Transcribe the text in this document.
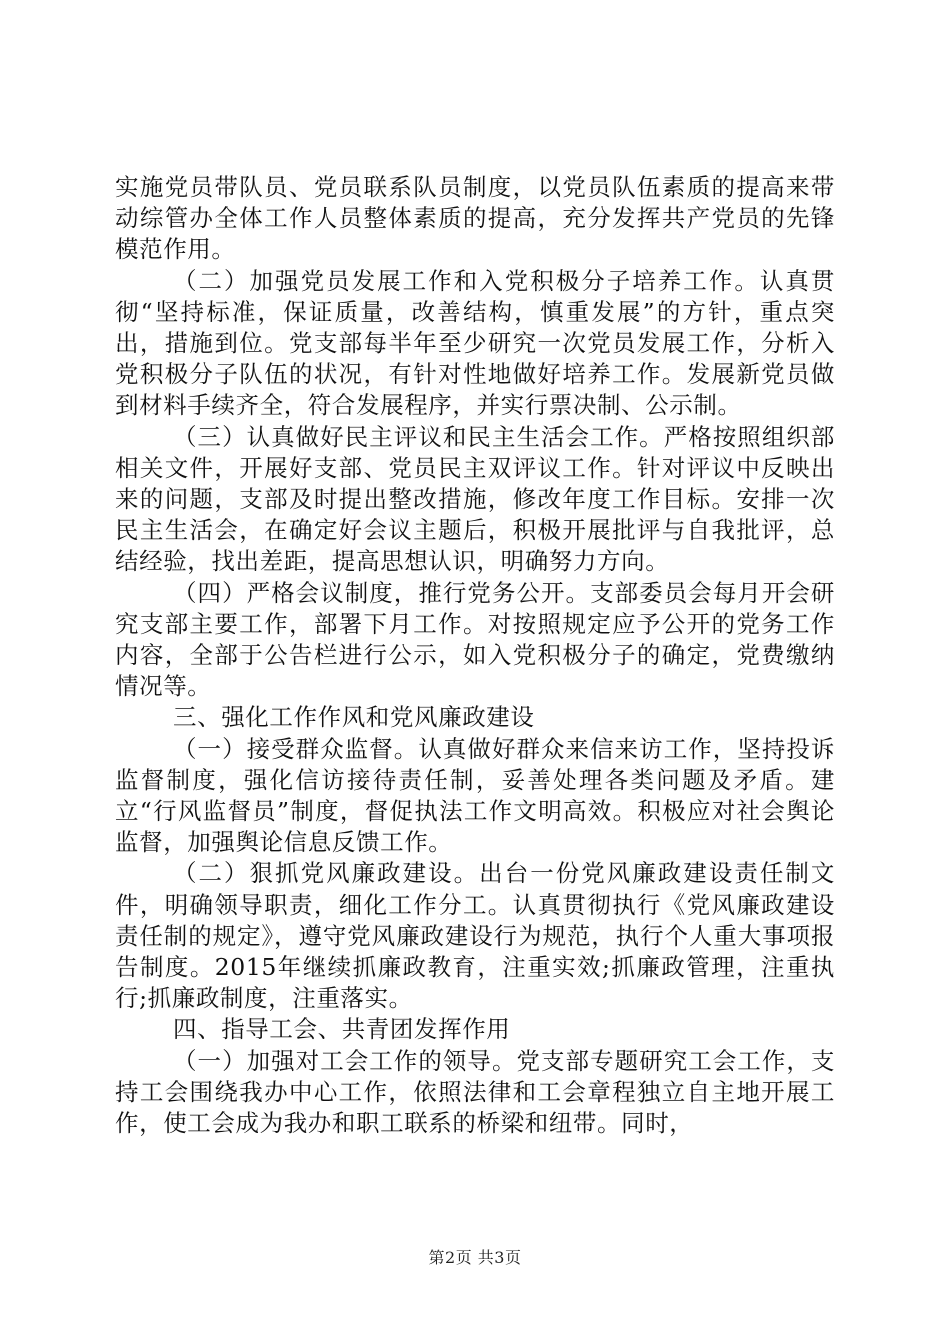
实施党员带队员、党员联系队员制度，以党员队伍素质的提高来带动综管办全体工作人员整体素质的提高，充分发挥共产党员的先锋模范作用。

（二）加强党员发展工作和入党积极分子培养工作。认真贯彻“坚持标准，保证质量，改善结构，慎重发展”的方针，重点突出，措施到位。党支部每半年至少研究一次党员发展工作，分析入党积极分子队伍的状况，有针对性地做好培养工作。发展新党员做到材料手续齐全，符合发展程序，并实行票决制、公示制。

（三）认真做好民主评议和民主生活会工作。严格按照组织部相关文件，开展好支部、党员民主双评议工作。针对评议中反映出来的问题，支部及时提出整改措施，修改年度工作目标。安排一次民主生活会，在确定好会议主题后，积极开展批评与自我批评，总结经验，找出差距，提高思想认识，明确努力方向。

（四）严格会议制度，推行党务公开。支部委员会每月开会研究支部主要工作，部署下月工作。对按照规定应予公开的党务工作内容，全部于公告栏进行公示，如入党积极分子的确定，党费缴纳情况等。

三、强化工作作风和党风廉政建设

（一）接受群众监督。认真做好群众来信来访工作，坚持投诉监督制度，强化信访接待责任制，妥善处理各类问题及矛盾。建立“行风监督员”制度，督促执法工作文明高效。积极应对社会舆论监督，加强舆论信息反馈工作。

（二）狠抓党风廉政建设。出台一份党风廉政建设责任制文件，明确领导职责，细化工作分工。认真贯彻执行《党风廉政建设责任制的规定》，遵守党风廉政建设行为规范，执行个人重大事项报告制度。2015年继续抓廉政教育，注重实效;抓廉政管理，注重执行;抓廉政制度，注重落实。

四、指导工会、共青团发挥作用

（一）加强对工会工作的领导。党支部专题研究工会工作，支持工会围绕我办中心工作，依照法律和工会章程独立自主地开展工作，使工会成为我办和职工联系的桥梁和纽带。同时，

第2页 共3页
